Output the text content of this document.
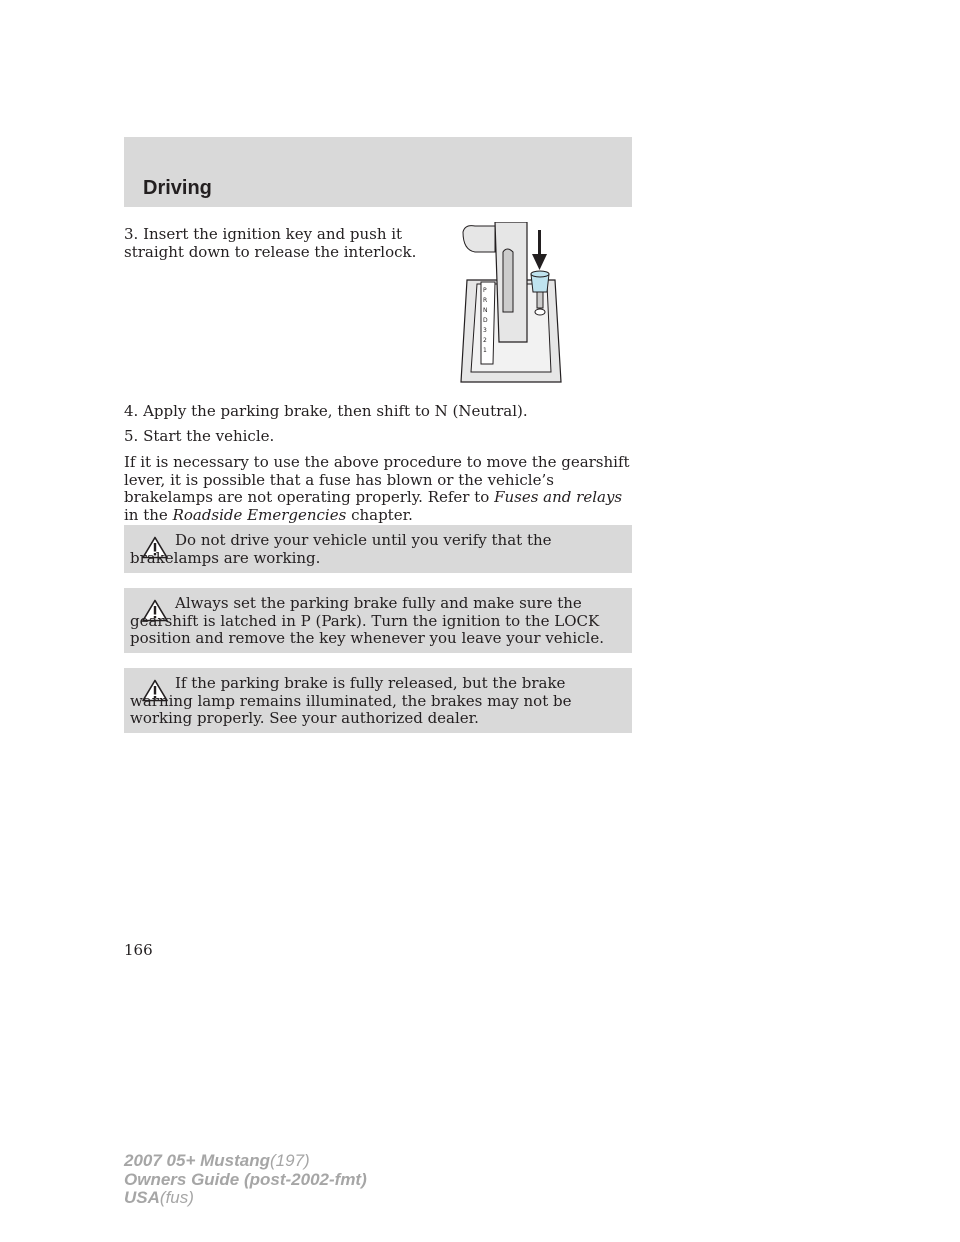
Driving

3. Insert the ignition key and push it straight down to release the interlock.

P
R
N
D
3
2
1

4. Apply the parking brake, then shift to N (Neutral).

5. Start the vehicle.

If it is necessary to use the above procedure to move the gearshift lever, it is possible that a fuse has blown or the vehicle’s brakelamps are not operating properly. Refer to Fuses and relays in the Roadside Emergencies chapter.

Do not drive your vehicle until you verify that the brakelamps are working.

Always set the parking brake fully and make sure the gearshift is latched in P (Park). Turn the ignition to the LOCK position and remove the key whenever you leave your vehicle.

If the parking brake is fully released, but the brake warning lamp remains illuminated, the brakes may not be working properly. See your authorized dealer.

166
2007 05+ Mustang(197)
Owners Guide (post-2002-fmt)
USA(fus)
